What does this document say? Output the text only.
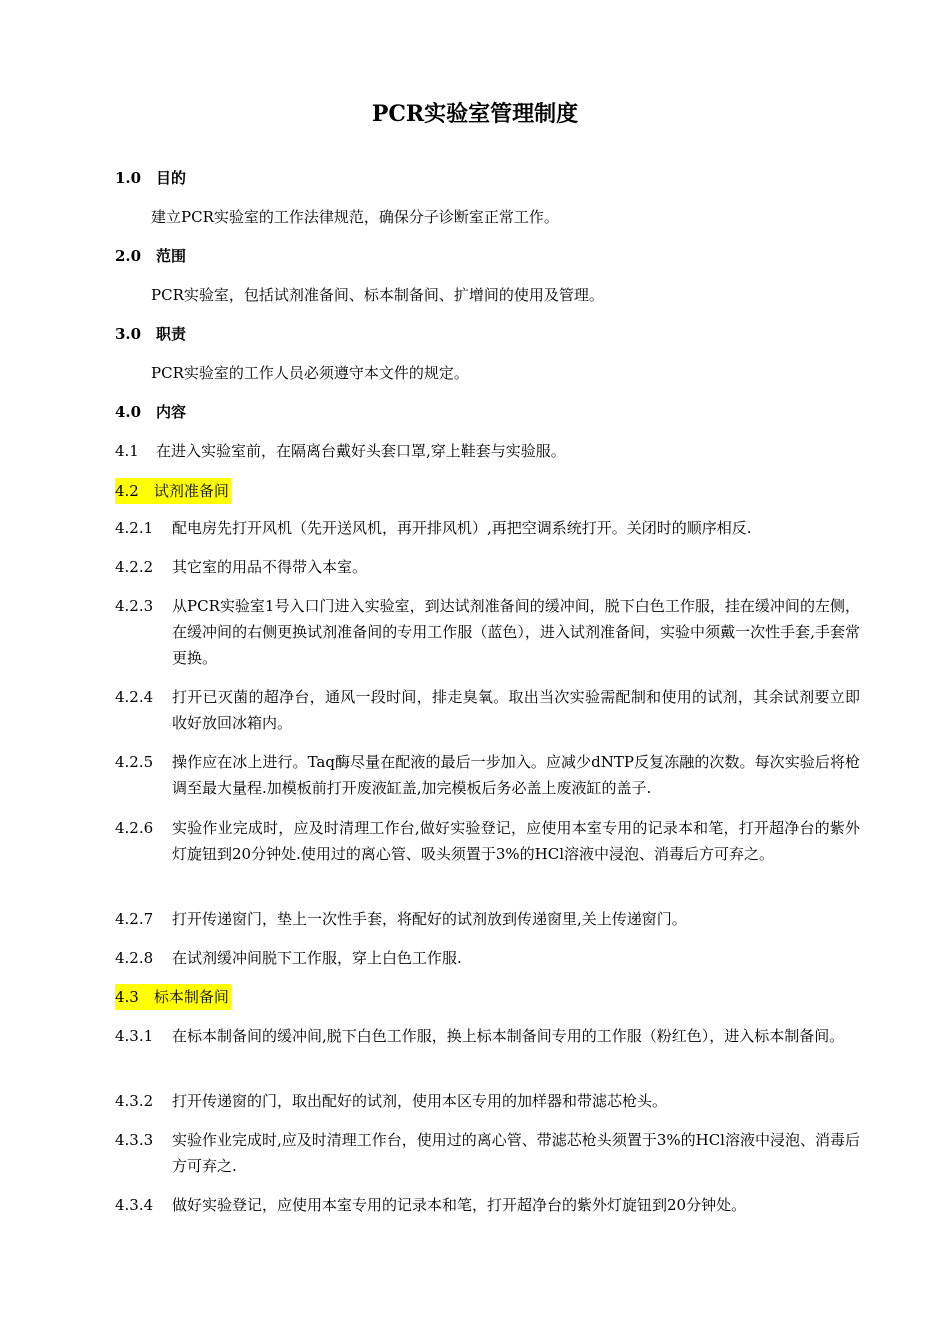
PCR实验室管理制度
1.0 目的
建立PCR实验室的工作法律规范，确保分子诊断室正常工作。
2.0 范围
PCR实验室，包括试剂准备间、标本制备间、扩增间的使用及管理。
3.0 职责
PCR实验室的工作人员必须遵守本文件的规定。
4.0 内容
4.1 在进入实验室前，在隔离台戴好头套口罩,穿上鞋套与实验服。
4.2 试剂准备间
4.2.1 配电房先打开风机（先开送风机，再开排风机）,再把空调系统打开。关闭时的顺序相反.
4.2.2 其它室的用品不得带入本室。
4.2.3 从PCR实验室1号入口门进入实验室，到达试剂准备间的缓冲间，脱下白色工作服，挂在缓冲间的左侧，在缓冲间的右侧更换试剂准备间的专用工作服（蓝色），进入试剂准备间，实验中须戴一次性手套,手套常更换。
4.2.4 打开已灭菌的超净台，通风一段时间，排走臭氧。取出当次实验需配制和使用的试剂，其余试剂要立即收好放回冰箱内。
4.2.5 操作应在冰上进行。Taq酶尽量在配液的最后一步加入。应减少dNTP反复冻融的次数。每次实验后将枪调至最大量程.加模板前打开废液缸盖,加完模板后务必盖上废液缸的盖子.
4.2.6 实验作业完成时，应及时清理工作台,做好实验登记，应使用本室专用的记录本和笔，打开超净台的紫外灯旋钮到20分钟处.使用过的离心管、吸头须置于3%的HCl溶液中浸泡、消毒后方可弃之。
4.2.7 打开传递窗门，垫上一次性手套，将配好的试剂放到传递窗里,关上传递窗门。
4.2.8 在试剂缓冲间脱下工作服，穿上白色工作服.
4.3 标本制备间
4.3.1 在标本制备间的缓冲间,脱下白色工作服，换上标本制备间专用的工作服（粉红色），进入标本制备间。
4.3.2 打开传递窗的门，取出配好的试剂，使用本区专用的加样器和带滤芯枪头。
4.3.3 实验作业完成时,应及时清理工作台，使用过的离心管、带滤芯枪头须置于3%的HCl溶液中浸泡、消毒后方可弃之.
4.3.4 做好实验登记，应使用本室专用的记录本和笔，打开超净台的紫外灯旋钮到20分钟处。
